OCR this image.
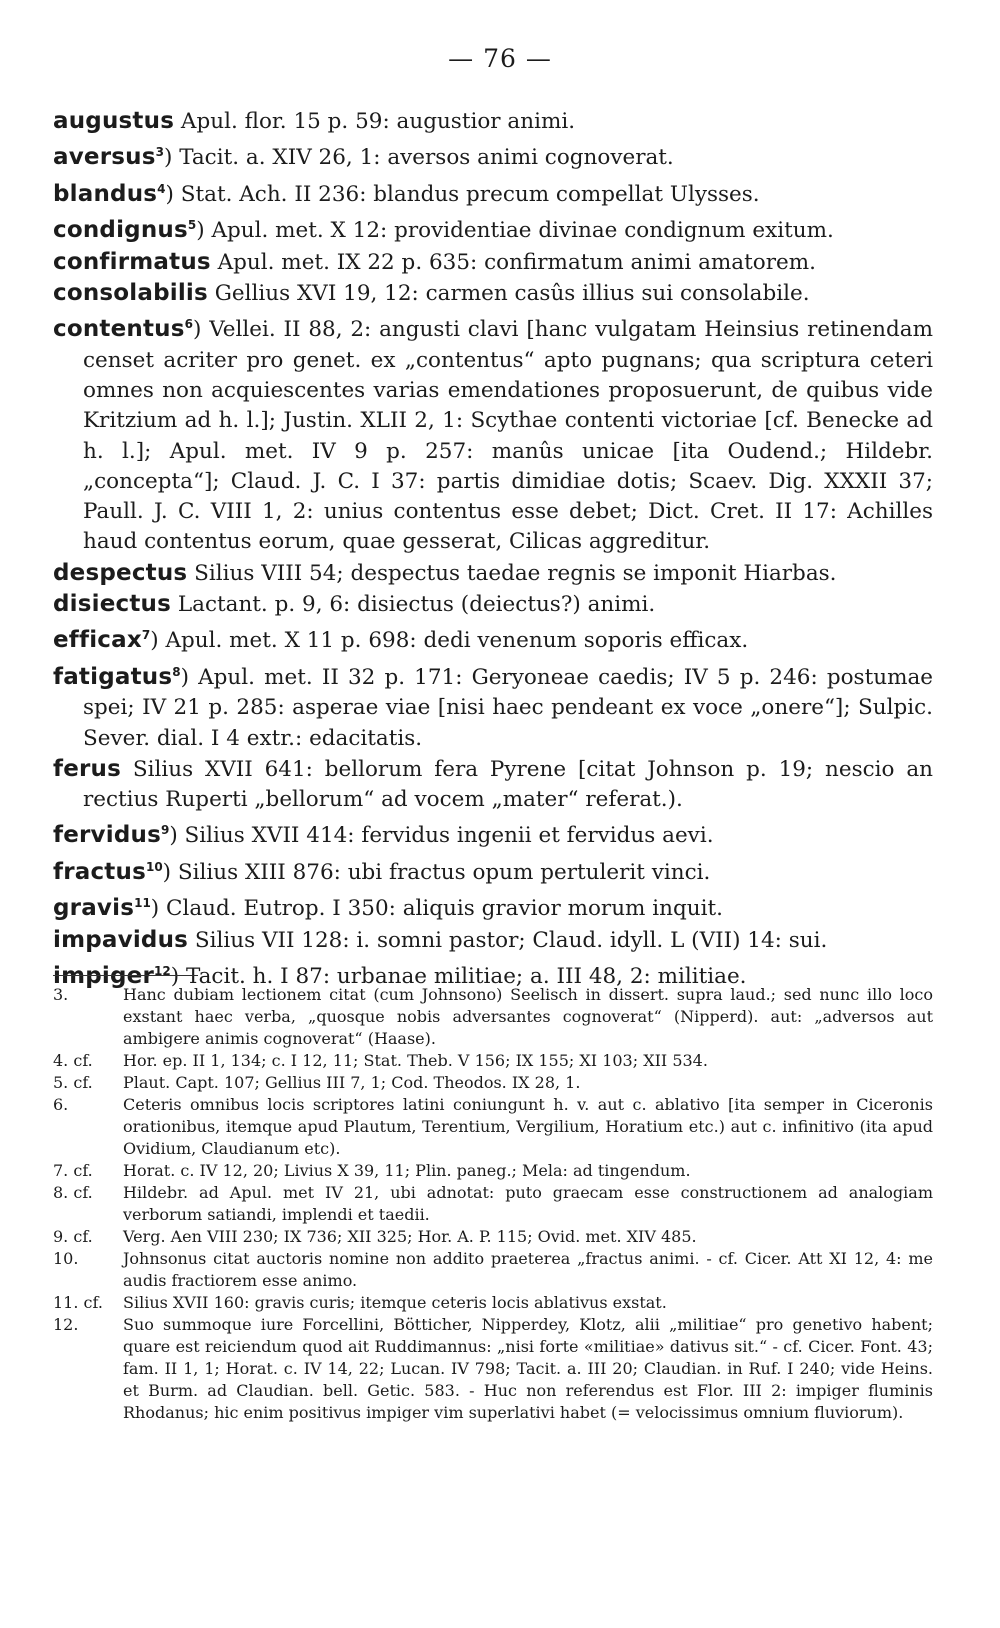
— 76 —
augustus Apul. flor. 15 p. 59: augustior animi.
aversus$^3$) Tacit. a. XIV 26, 1: aversos animi cognoverat.
blandus$^4$) Stat. Ach. II 236: blandus precum compellat Ulysses.
condignus$^5$) Apul. met. X 12: providentiae divinae condignum exitum.
confirmatus Apul. met. IX 22 p. 635: confirmatum animi amatorem.
consolabilis Gellius XVI 19, 12: carmen casûs illius sui consolabile.
contentus$^6$) Vellei. II 88, 2: angusti clavi [hanc vulgatam Heinsius retinendam censet acriter pro genet. ex „contentus“ apto pugnans; qua scriptura ceteri omnes non acquiescentes varias emendationes proposuerunt, de quibus vide Kritzium ad h. l.]; Justin. XLII 2, 1: Scythae contenti victoriae [cf. Benecke ad h. l.]; Apul. met. IV 9 p. 257: manûs unicae [ita Oudend.; Hildebr. „concepta“]; Claud. J. C. I 37: partis dimidiae dotis; Scaev. Dig. XXXII 37; Paull. J. C. VIII 1, 2: unius contentus esse debet; Dict. Cret. II 17: Achilles haud contentus eorum, quae gesserat, Cilicas aggreditur.
despectus Silius VIII 54; despectus taedae regnis se imponit Hiarbas.
disiectus Lactant. p. 9, 6: disiectus (deiectus?) animi.
efficax$^7$) Apul. met. X 11 p. 698: dedi venenum soporis efficax.
fatigatus$^8$) Apul. met. II 32 p. 171: Geryoneae caedis; IV 5 p. 246: postumae spei; IV 21 p. 285: asperae viae [nisi haec pendeant ex voce „onere“]; Sulpic. Sever. dial. I 4 extr.: edacitatis.
ferus Silius XVII 641: bellorum fera Pyrene [citat Johnson p. 19; nescio an rectius Ruperti „bellorum“ ad vocem „mater“ referat.).
fervidus$^9$) Silius XVII 414: fervidus ingenii et fervidus aevi.
fractus$^{10}$) Silius XIII 876: ubi fractus opum pertulerit vinci.
gravis$^{11}$) Claud. Eutrop. I 350: aliquis gravior morum inquit.
impavidus Silius VII 128: i. somni pastor; Claud. idyll. L (VII) 14: sui.
impiger$^{12}$) Tacit. h. I 87: urbanae militiae; a. III 48, 2: militiae.
3.	Hanc dubiam lectionem citat (cum Johnsono) Seelisch in dissert. supra laud.; sed nunc illo loco exstant haec verba, „quosque nobis adversantes cognoverat“ (Nipperd). aut: „adversos aut ambigere animis cognoverat“ (Haase).
4. cf.	Hor. ep. II 1, 134; c. I 12, 11; Stat. Theb. V 156; IX 155; XI 103; XII 534.
5. cf.	Plaut. Capt. 107; Gellius III 7, 1; Cod. Theodos. IX 28, 1.
6.	Ceteris omnibus locis scriptores latini coniungunt h. v. aut c. ablativo [ita semper in Ciceronis orationibus, itemque apud Plautum, Terentium, Vergilium, Horatium etc.) aut c. infinitivo (ita apud Ovidium, Claudianum etc).
7. cf.	Horat. c. IV 12, 20; Livius X 39, 11; Plin. paneg.; Mela: ad tingendum.
8. cf.	Hildebr. ad Apul. met IV 21, ubi adnotat: puto graecam esse constructionem ad analogiam verborum satiandi, implendi et taedii.
9. cf.	Verg. Aen VIII 230; IX 736; XII 325; Hor. A. P. 115; Ovid. met. XIV 485.
10.	Johnsonus citat auctoris nomine non addito praeterea „fractus animi. - cf. Cicer. Att XI 12, 4: me audis fractiorem esse animo.
11. cf.	Silius XVII 160: gravis curis; itemque ceteris locis ablativus exstat.
12.	Suo summoque iure Forcellini, Bötticher, Nipperdey, Klotz, alii „militiae“ pro genetivo habent; quare est reiciendum quod ait Ruddimannus: „nisi forte «militiae» dativus sit.“ - cf. Cicer. Font. 43; fam. II 1, 1; Horat. c. IV 14, 22; Lucan. IV 798; Tacit. a. III 20; Claudian. in Ruf. I 240; vide Heins. et Burm. ad Claudian. bell. Getic. 583. - Huc non referendus est Flor. III 2: impiger fluminis Rhodanus; hic enim positivus impiger vim superlativi habet (= velocissimus omnium fluviorum).
